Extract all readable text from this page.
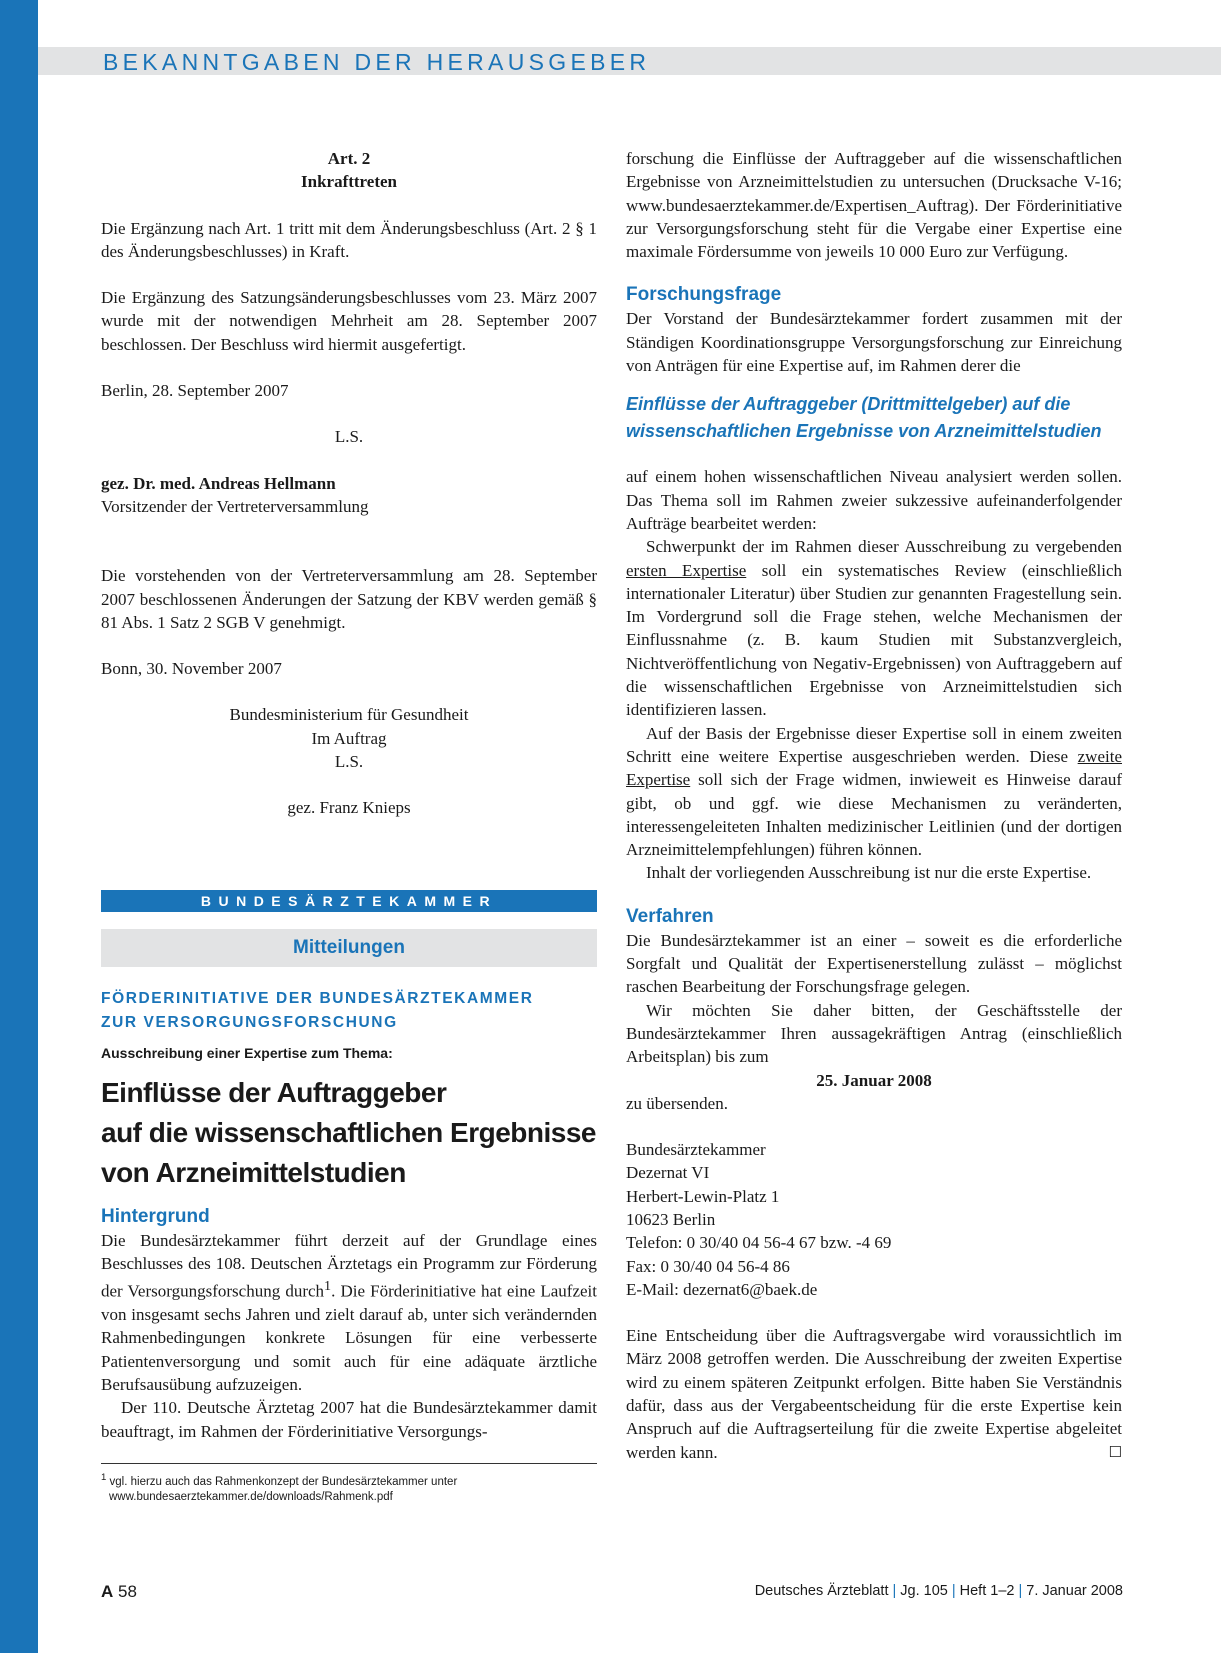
BEKANNTGABEN DER HERAUSGEBER

Art. 2

Inkrafttreten

Die Ergänzung nach Art. 1 tritt mit dem Änderungsbeschluss (Art. 2 § 1 des Änderungsbeschlusses) in Kraft.

Die Ergänzung des Satzungsänderungsbeschlusses vom 23. März 2007 wurde mit der notwendigen Mehrheit am 28. September 2007 beschlossen. Der Beschluss wird hiermit ausgefertigt.

Berlin, 28. September 2007

L.S.

gez. Dr. med. Andreas Hellmann

Vorsitzender der Vertreterversammlung

Die vorstehenden von der Vertreterversammlung am 28. September 2007 beschlossenen Änderungen der Satzung der KBV werden gemäß § 81 Abs. 1 Satz 2 SGB V genehmigt.

Bonn, 30. November 2007

Bundesministerium für Gesundheit

Im Auftrag

L.S.

gez. Franz Knieps

BUNDESÄRZTEKAMMER
Mitteilungen

FÖRDERINITIATIVE DER BUNDESÄRZTEKAMMER

ZUR VERSORGUNGSFORSCHUNG

Ausschreibung einer Expertise zum Thema:

Einflüsse der Auftraggeber

auf die wissenschaftlichen Ergebnisse

von Arzneimittelstudien

Hintergrund

Die Bundesärztekammer führt derzeit auf der Grundlage eines Beschlusses des 108. Deutschen Ärztetags ein Programm zur Förderung der Versorgungsforschung durch$^1$. Die Förderinitiative hat eine Laufzeit von insgesamt sechs Jahren und zielt darauf ab, unter sich verändernden Rahmenbedingungen konkrete Lösungen für eine verbesserte Patientenversorgung und somit auch für eine adäquate ärztliche Berufsausübung aufzuzeigen.

Der 110. Deutsche Ärztetag 2007 hat die Bundesärztekammer damit beauftragt, im Rahmen der Förderinitiative Versorgungs-

$^1$ vgl. hierzu auch das Rahmenkonzept der Bundesärztekammer unter
www.bundesaerztekammer.de/downloads/Rahmenk.pdf

forschung die Einflüsse der Auftraggeber auf die wissenschaftlichen Ergebnisse von Arzneimittelstudien zu untersuchen (Drucksache V-16; www.bundesaerztekammer.de/Expertisen_Auftrag). Der Förderinitiative zur Versorgungsforschung steht für die Vergabe einer Expertise eine maximale Fördersumme von jeweils 10 000 Euro zur Verfügung.

Forschungsfrage

Der Vorstand der Bundesärztekammer fordert zusammen mit der Ständigen Koordinationsgruppe Versorgungsforschung zur Einreichung von Anträgen für eine Expertise auf, im Rahmen derer die

Einflüsse der Auftraggeber (Drittmittelgeber) auf die

wissenschaftlichen Ergebnisse von Arzneimittelstudien

auf einem hohen wissenschaftlichen Niveau analysiert werden sollen. Das Thema soll im Rahmen zweier sukzessive aufeinanderfolgender Aufträge bearbeitet werden:

Schwerpunkt der im Rahmen dieser Ausschreibung zu vergebenden ersten Expertise soll ein systematisches Review (einschließlich internationaler Literatur) über Studien zur genannten Fragestellung sein. Im Vordergrund soll die Frage stehen, welche Mechanismen der Einflussnahme (z. B. kaum Studien mit Substanzvergleich, Nichtveröffentlichung von Negativ-Ergebnissen) von Auftraggebern auf die wissenschaftlichen Ergebnisse von Arzneimittelstudien sich identifizieren lassen.

Auf der Basis der Ergebnisse dieser Expertise soll in einem zweiten Schritt eine weitere Expertise ausgeschrieben werden. Diese zweite Expertise soll sich der Frage widmen, inwieweit es Hinweise darauf gibt, ob und ggf. wie diese Mechanismen zu veränderten, interessengeleiteten Inhalten medizinischer Leitlinien (und der dortigen Arzneimittelempfehlungen) führen können.

Inhalt der vorliegenden Ausschreibung ist nur die erste Expertise.

Verfahren

Die Bundesärztekammer ist an einer – soweit es die erforderliche Sorgfalt und Qualität der Expertisenerstellung zulässt – möglichst raschen Bearbeitung der Forschungsfrage gelegen.

Wir möchten Sie daher bitten, der Geschäftsstelle der Bundesärztekammer Ihren aussagekräftigen Antrag (einschließlich Arbeitsplan) bis zum

25. Januar 2008

zu übersenden.

Bundesärztekammer

Dezernat VI

Herbert-Lewin-Platz 1

10623 Berlin

Telefon: 0 30/40 04 56-4 67 bzw. -4 69

Fax: 0 30/40 04 56-4 86

E-Mail: dezernat6@baek.de

Eine Entscheidung über die Auftragsvergabe wird voraussichtlich im März 2008 getroffen werden. Die Ausschreibung der zweiten Expertise wird zu einem späteren Zeitpunkt erfolgen. Bitte haben Sie Verständnis dafür, dass aus der Vergabeentscheidung für die erste Expertise kein Anspruch auf die Auftragserteilung für die zweite Expertise abgeleitet werden kann.	☐

A 58	Deutsches Ärzteblatt | Jg. 105 | Heft 1–2 | 7. Januar 2008
